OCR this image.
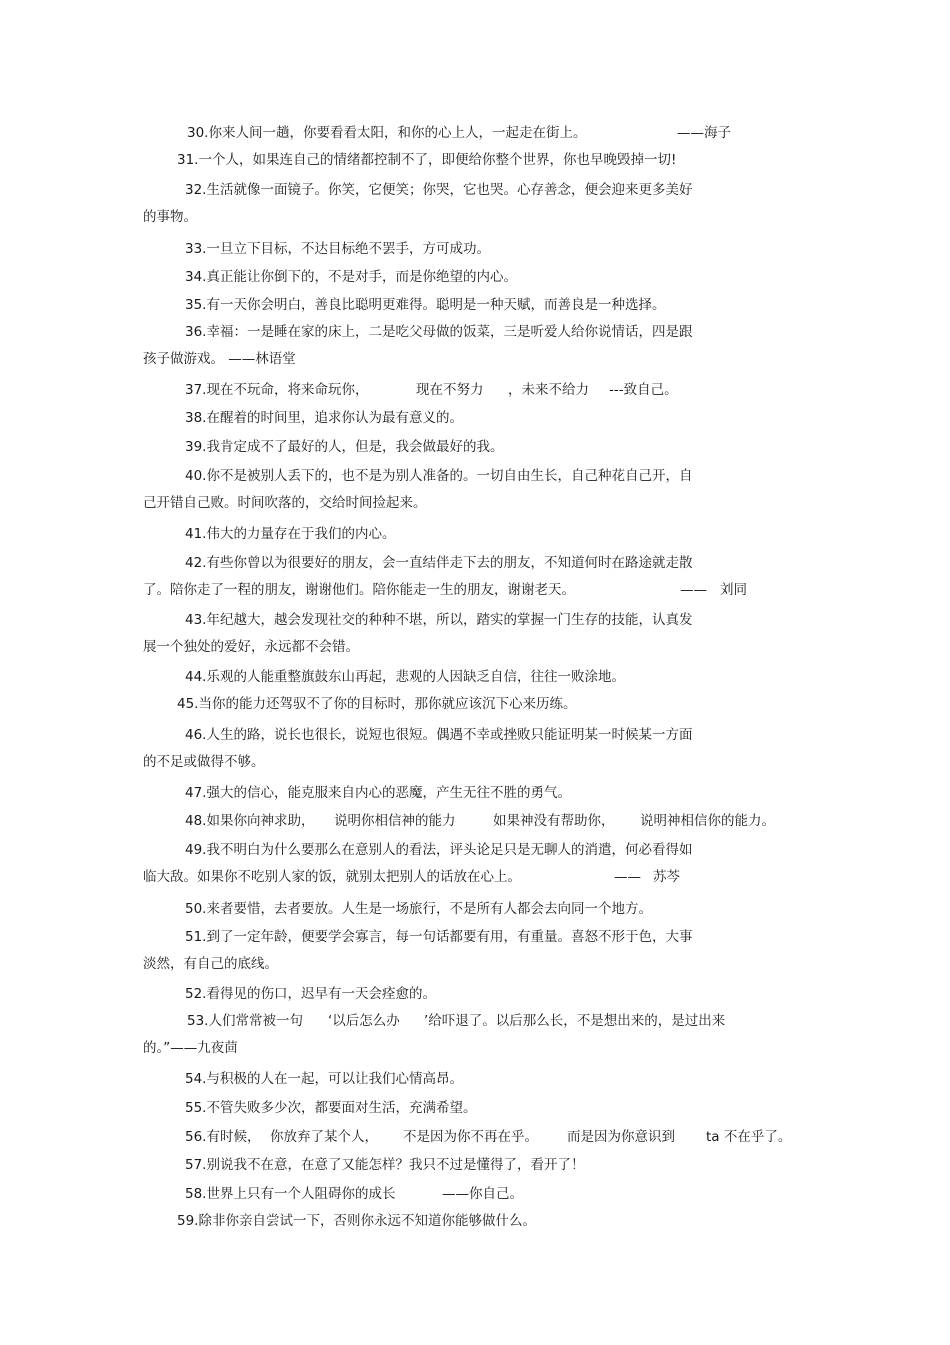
30.你来人间一趟，你要看看太阳，和你的心上人，一起走在街上。	——海子
31.一个人，如果连自己的情绪都控制不了，即便给你整个世界，你也早晚毁掉一切!
32.生活就像一面镜子。你笑，它便笑；你哭，它也哭。心存善念，便会迎来更多美好
的事物。
33.一旦立下目标，不达目标绝不罢手，方可成功。
34.真正能让你倒下的，不是对手，而是你绝望的内心。
35.有一天你会明白，善良比聪明更难得。聪明是一种天赋，而善良是一种选择。
36.幸福：一是睡在家的床上，二是吃父母做的饭菜，三是听爱人给你说情话，四是跟
孩子做游戏。 ——林语堂
37.现在不玩命，将来命玩你，	现在不努力 ，未来不给力 ---致自己。
38.在醒着的时间里，追求你认为最有意义的。
39.我肯定成不了最好的人，但是，我会做最好的我。
40.你不是被别人丢下的，也不是为别人准备的。一切自由生长，自己种花自己开，自
己开错自己败。时间吹落的，交给时间捡起来。
41.伟大的力量存在于我们的内心。
42.有些你曾以为很要好的朋友，会一直结伴走下去的朋友，不知道何时在路途就走散
了。陪你走了一程的朋友，谢谢他们。陪你能走一生的朋友，谢谢老天。	—— 刘同
43.年纪越大，越会发现社交的种种不堪，所以，踏实的掌握一门生存的技能，认真发
展一个独处的爱好，永远都不会错。
44.乐观的人能重整旗鼓东山再起，悲观的人因缺乏自信，往往一败涂地。
45.当你的能力还驾驭不了你的目标时，那你就应该沉下心来历练。
46.人生的路，说长也很长，说短也很短。偶遇不幸或挫败只能证明某一时候某一方面
的不足或做得不够。
47.强大的信心，能克服来自内心的恶魔，产生无往不胜的勇气。
48.如果你向神求助， 说明你相信神的能力	如果神没有帮助你， 说明神相信你的能力。
49.我不明白为什么要那么在意别人的看法，评头论足只是无聊人的消遣，何必看得如
临大敌。如果你不吃别人家的饭，就别太把别人的话放在心上。	—— 苏芩
50.来者要惜，去者要放。人生是一场旅行，不是所有人都会去向同一个地方。
51.到了一定年龄，便要学会寡言，每一句话都要有用，有重量。喜怒不形于色，大事
淡然，有自己的底线。
52.看得见的伤口，迟早有一天会痊愈的。
53.人们常常被一句 ‘以后怎么办 ’给吓退了。以后那么长，不是想出来的，是过出来
的。”——九夜茴
54.与积极的人在一起，可以让我们心情高昂。
55.不管失败多少次，都要面对生活，充满希望。
56.有时候， 你放弃了某个人， 不是因为你不再在乎。 而是因为你意识到 ta 不在乎了。
57.别说我不在意，在意了又能怎样？我只不过是懂得了，看开了！
58.世界上只有一个人阻碍你的成长	——你自己。
59.除非你亲自尝试一下，否则你永远不知道你能够做什么。
